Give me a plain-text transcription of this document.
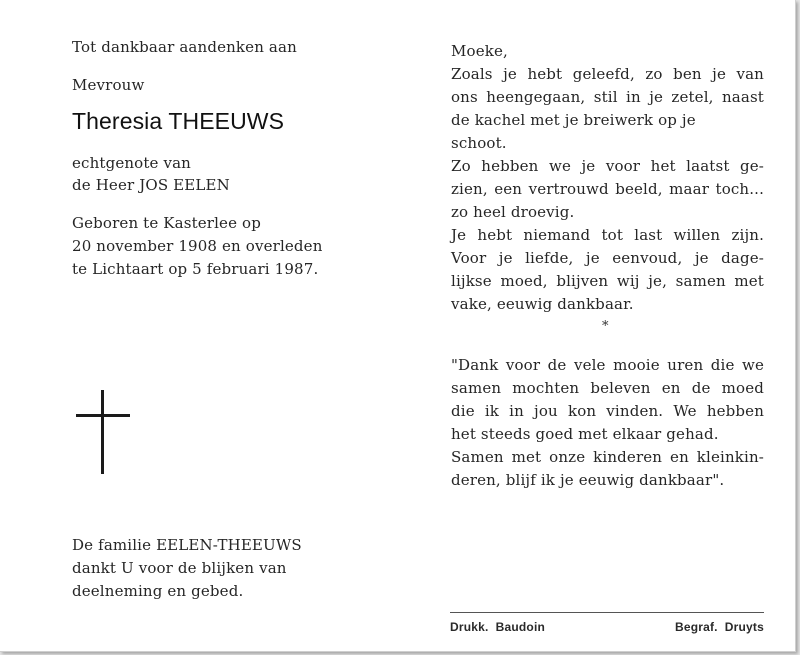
Tot dankbaar aandenken aan

Mevrouw

Theresia THEEUWS

echtgenote van
de Heer JOS EELEN
Geboren te Kasterlee op
20 november 1908 en overleden
te Lichtaart op 5 februari 1987.
De familie EELEN-THEEUWS
dankt U voor de blijken van
deelneming en gebed.
Moeke,
Zoals je hebt geleefd, zo ben je van
ons heengegaan, stil in je zetel, naast
de kachel met je breiwerk op je
schoot.
Zo hebben we je voor het laatst ge-
zien, een vertrouwd beeld, maar toch...
zo heel droevig.
Je hebt niemand tot last willen zijn.
Voor je liefde, je eenvoud, je dage-
lijkse moed, blijven wij je, samen met
vake, eeuwig dankbaar.

*

"Dank voor de vele mooie uren die we
samen mochten beleven en de moed
die ik in jou kon vinden. We hebben
het steeds goed met elkaar gehad.
Samen met onze kinderen en kleinkin-
deren, blijf ik je eeuwig dankbaar".
Drukk.  Baudoin	Begraf.  Druyts
